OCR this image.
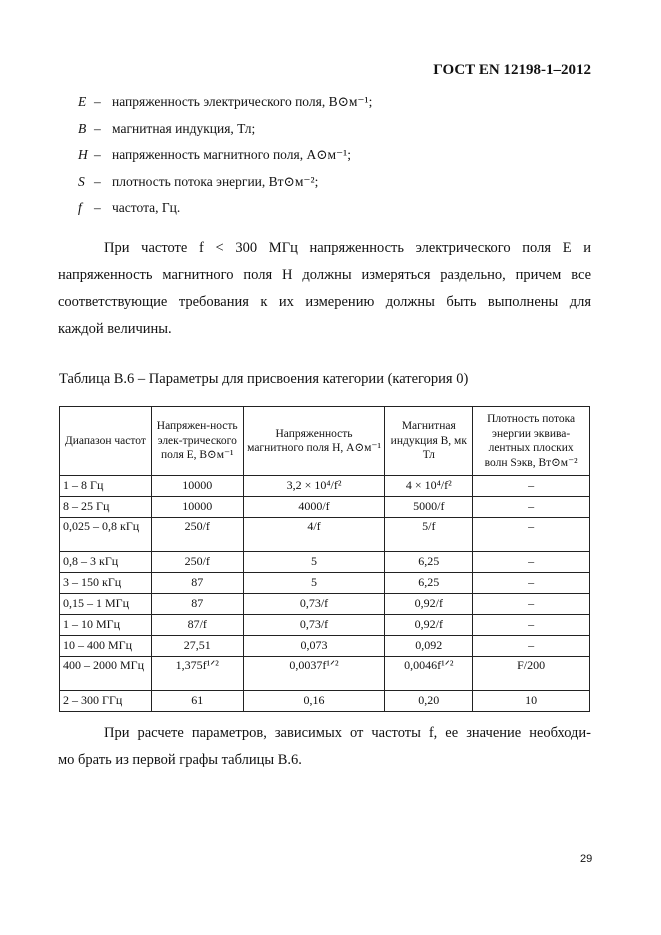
ГОСТ EN 12198-1–2012
E – напряженность электрического поля, В⊙м⁻¹;
B – магнитная индукция, Тл;
H – напряженность магнитного поля, А⊙м⁻¹;
S – плотность потока энергии, Вт⊙м⁻²;
f – частота, Гц.
При частоте f < 300 МГц напряженность электрического поля E и
напряженность магнитного поля H должны измеряться раздельно, причем все
соответствующие требования к их измерению должны быть выполнены для
каждой величины.
Таблица В.6 – Параметры для присвоения категории (категория 0)
Диапазон частот	Напряжен-ность элек-трического поля E, В⊙м⁻¹	Напряженность магнитного поля H, А⊙м⁻¹	Магнитная индукция B, мк Тл	Плотность потока энергии эквива-лентных плоских волн Sэкв, Вт⊙м⁻²
1 – 8 Гц	10000	3,2 × 10⁴/f²	4 × 10⁴/f²	–
8 – 25 Гц	10000	4000/f	5000/f	–
0,025 – 0,8 кГц	250/f	4/f	5/f	–
0,8 – 3 кГц	250/f	5	6,25	–
3 – 150 кГц	87	5	6,25	–
0,15 – 1 МГц	87	0,73/f	0,92/f	–
1 – 10 МГц	87/f	0,73/f	0,92/f	–
10 – 400 МГц	27,51	0,073	0,092	–
400 – 2000 МГц	1,375f¹ᐟ²	0,0037f¹ᐟ²	0,0046f¹ᐟ²	F/200
2 – 300 ГГц	61	0,16	0,20	10
При расчете параметров, зависимых от частоты f, ее значение необходи-
мо брать из первой графы таблицы В.6.
29
